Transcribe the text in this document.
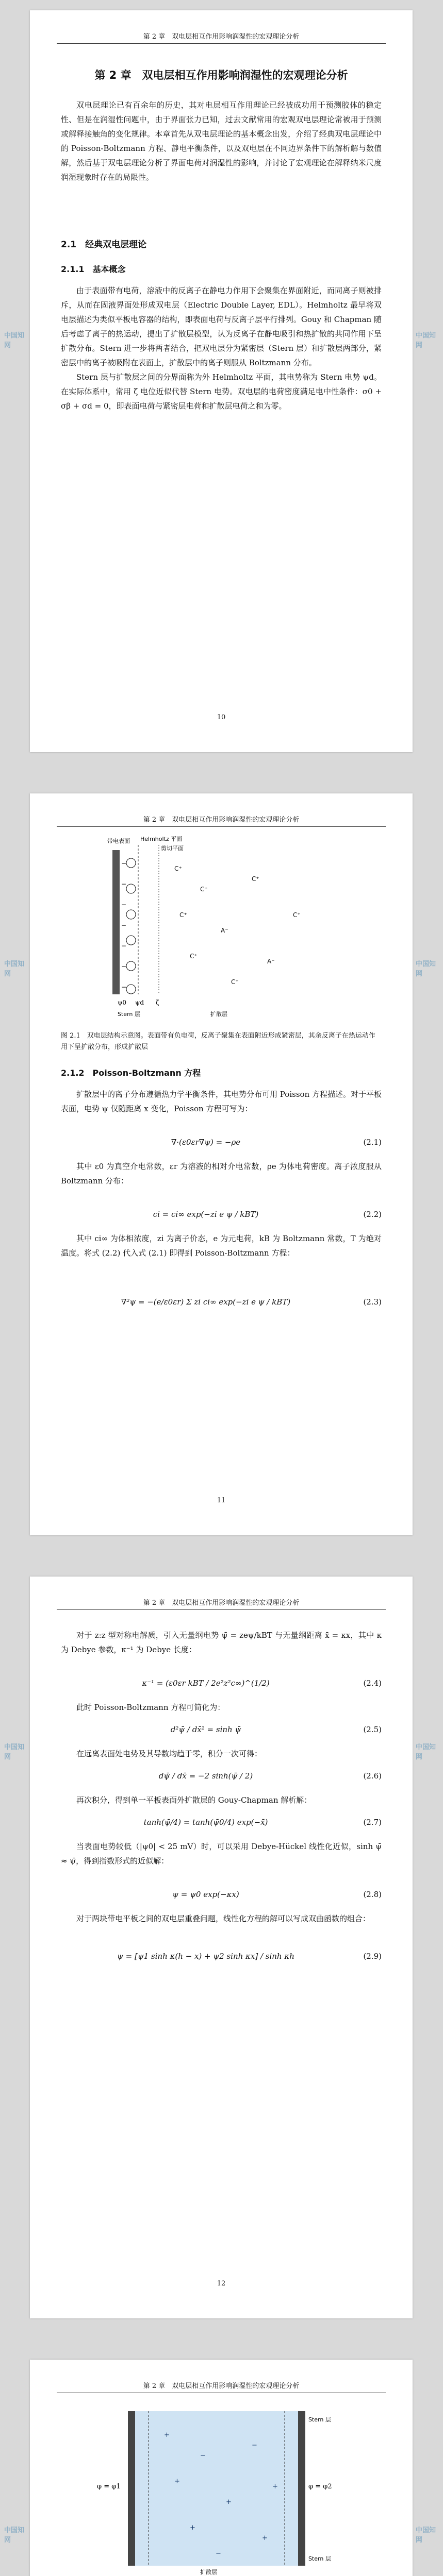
第 2 章　双电层相互作用影响润湿性的宏观理论分析
第 2 章　双电层相互作用影响润湿性的宏观理论分析

双电层理论已有百余年的历史，其对电层相互作用理论已经被成功用于预测胶体的稳定性、但是在润湿性问题中，由于界面张力已知，过去文献常用的宏观双电层理论常被用于预测或解释接触角的变化规律。本章首先从双电层理论的基本概念出发，介绍了经典双电层理论中的 Poisson-Boltzmann 方程、静电平衡条件，以及双电层在不同边界条件下的解析解与数值解，然后基于双电层理论分析了界面电荷对润湿性的影响，并讨论了宏观理论在解释纳米尺度润湿现象时存在的局限性。

2.1　经典双电层理论
2.1.1　基本概念

由于表面带有电荷，溶液中的反离子在静电力作用下会聚集在界面附近，而同离子则被排斥，从而在固液界面处形成双电层（Electric Double Layer, EDL）。Helmholtz 最早将双电层描述为类似平板电容器的结构，即表面电荷与反离子层平行排列。Gouy 和 Chapman 随后考虑了离子的热运动，提出了扩散层模型，认为反离子在静电吸引和热扩散的共同作用下呈扩散分布。Stern 进一步将两者结合，把双电层分为紧密层（Stern 层）和扩散层两部分，紧密层中的离子被吸附在表面上，扩散层中的离子则服从 Boltzmann 分布。

Stern 层与扩散层之间的分界面称为外 Helmholtz 平面，其电势称为 Stern 电势 ψd。在实际体系中，常用 ζ 电位近似代替 Stern 电势。双电层的电荷密度满足电中性条件：σ0 + σβ + σd = 0，即表面电荷与紧密层电荷和扩散层电荷之和为零。

10
中国知网
中国知网
第 2 章　双电层相互作用影响润湿性的宏观理论分析
−
−
−
−
−
−
−
C⁺
C⁺
C⁺
A⁻
C⁺
C⁺
A⁻
C⁺
C⁺
带电表面 Helmholtz 平面
剪切平面
ψ0 ψd ζ
Stern 层	扩散层
图 2.1　双电层结构示意图。表面带有负电荷，反离子聚集在表面附近形成紧密层，其余反离子在热运动作用下呈扩散分布，形成扩散层
2.1.2　Poisson-Boltzmann 方程

扩散层中的离子分布遵循热力学平衡条件，其电势分布可用 Poisson 方程描述。对于平板表面，电势 ψ 仅随距离 x 变化，Poisson 方程可写为：

∇·(ε0εr∇ψ) = −ρe	(2.1)

其中 ε0 为真空介电常数，εr 为溶液的相对介电常数，ρe 为体电荷密度。离子浓度服从 Boltzmann 分布：

ci = ci∞ exp(−zi e ψ / kBT)	(2.2)

其中 ci∞ 为体相浓度，zi 为离子价态，e 为元电荷，kB 为 Boltzmann 常数，T 为绝对温度。将式 (2.2) 代入式 (2.1) 即得到 Poisson-Boltzmann 方程：

∇²ψ = −(e/ε0εr) Σ zi ci∞ exp(−zi e ψ / kBT)	(2.3)
11
中国知网
中国知网
第 2 章　双电层相互作用影响润湿性的宏观理论分析

对于 z:z 型对称电解质，引入无量纲电势 ψ̄ = zeψ/kBT 与无量纲距离 x̄ = κx，其中 κ 为 Debye 参数，κ⁻¹ 为 Debye 长度：

κ⁻¹ = (ε0εr kBT / 2e²z²c∞)^(1/2)	(2.4)

此时 Poisson-Boltzmann 方程可简化为：

d²ψ̄ / dx̄² = sinh ψ̄	(2.5)

在远离表面处电势及其导数均趋于零，积分一次可得：

dψ̄ / dx̄ = −2 sinh(ψ̄ / 2)	(2.6)

再次积分，得到单一平板表面外扩散层的 Gouy-Chapman 解析解：

tanh(ψ̄/4) = tanh(ψ̄0/4) exp(−x̄)	(2.7)

当表面电势较低（|ψ0| < 25 mV）时，可以采用 Debye-Hückel 线性化近似，sinh ψ̄ ≈ ψ̄，得到指数形式的近似解：

ψ = ψ0 exp(−κx)	(2.8)

对于两块带电平板之间的双电层重叠问题，线性化方程的解可以写成双曲函数的组合：

ψ = [ψ1 sinh κ(h − x) + ψ2 sinh κx] / sinh κh	(2.9)
12
中国知网
中国知网
第 2 章　双电层相互作用影响润湿性的宏观理论分析
+
−
+
+
−
+
+
−
+
φ = φ1	φ = φ2
Stern 层
Stern 层
扩散层

中国知网
中国知网
